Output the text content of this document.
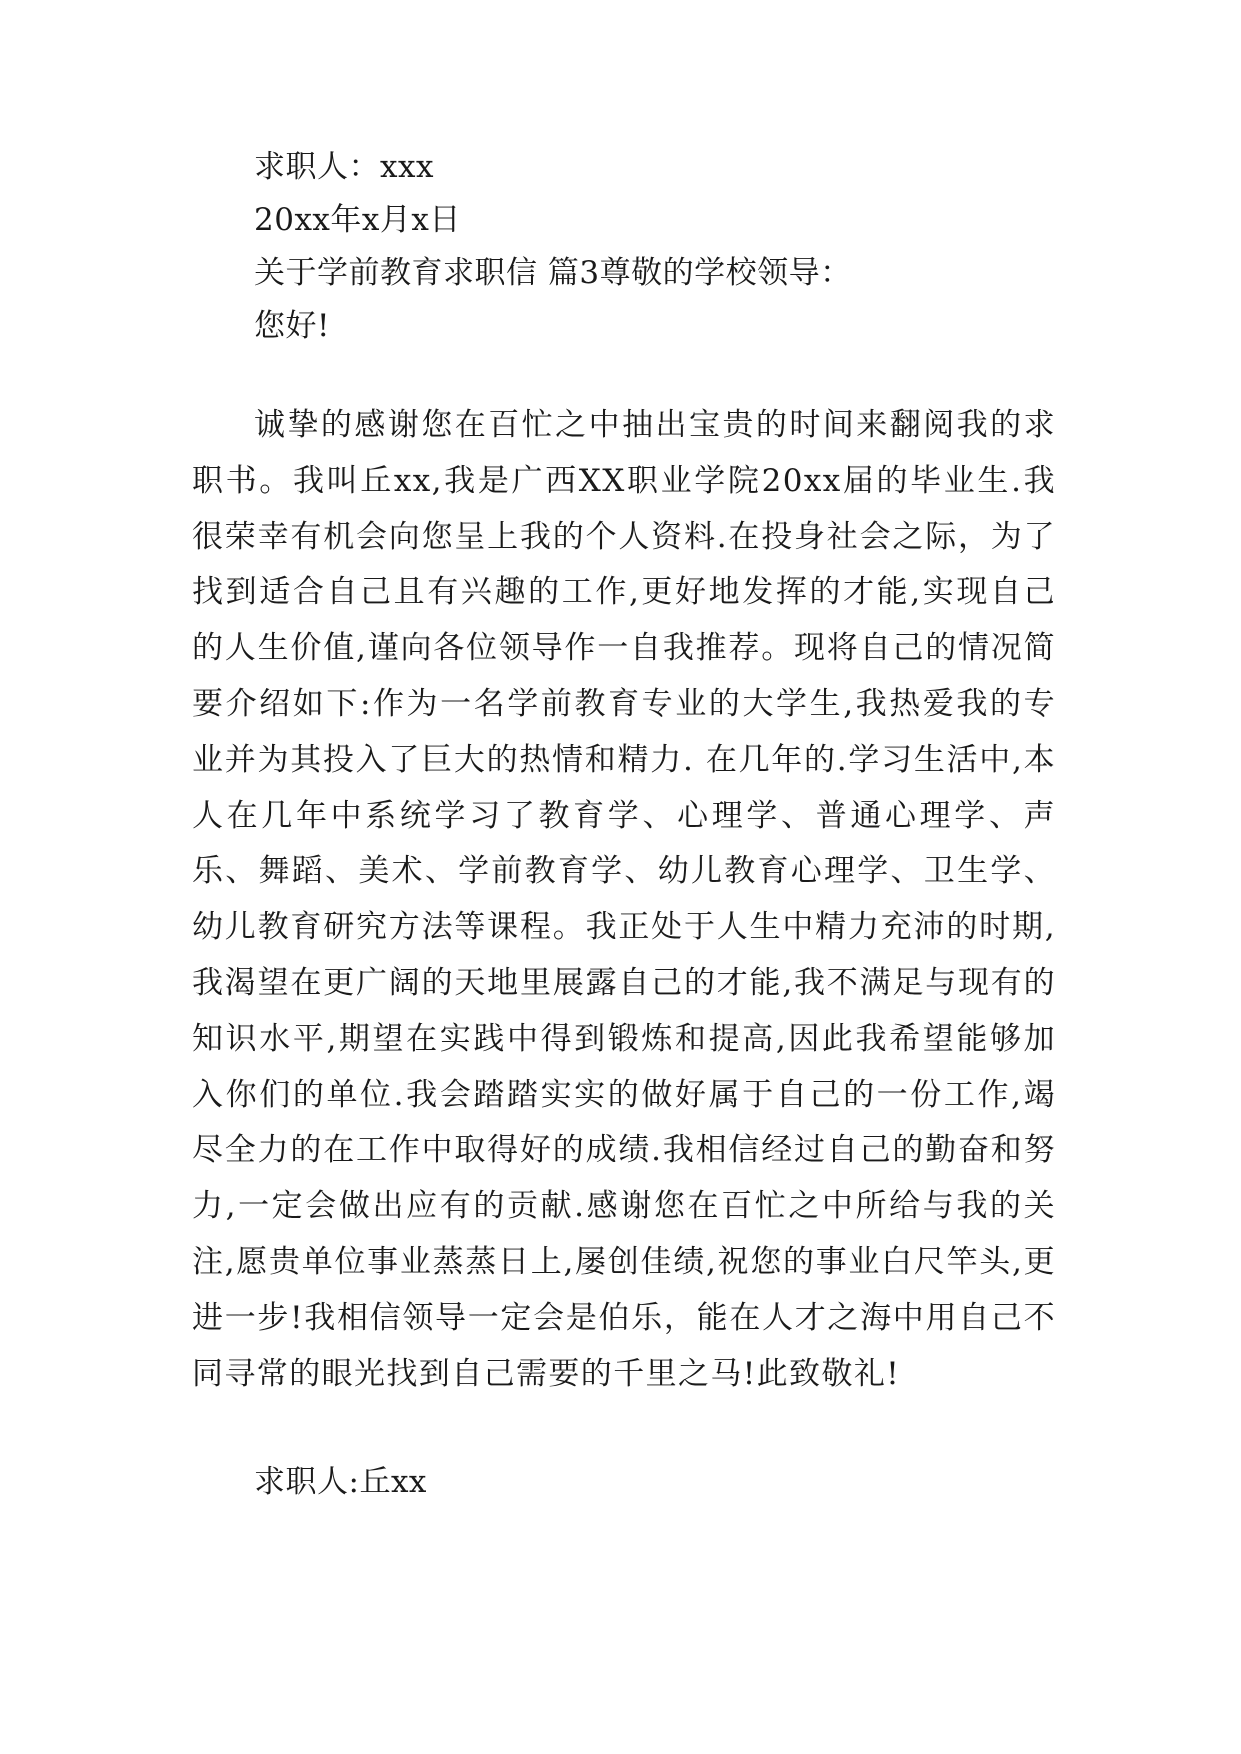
求职人：xxx

20xx年x月x日

关于学前教育求职信 篇3尊敬的学校领导：

您好!

诚挚的感谢您在百忙之中抽出宝贵的时间来翻阅我的求职书。我叫丘xx,我是广西XX职业学院20xx届的毕业生.我很荣幸有机会向您呈上我的个人资料.在投身社会之际，为了找到适合自己且有兴趣的工作,更好地发挥的才能,实现自己的人生价值,谨向各位领导作一自我推荐。现将自己的情况简要介绍如下:作为一名学前教育专业的大学生,我热爱我的专业并为其投入了巨大的热情和精力. 在几年的.学习生活中,本人在几年中系统学习了教育学、心理学、普通心理学、声乐、舞蹈、美术、学前教育学、幼儿教育心理学、卫生学、幼儿教育研究方法等课程。我正处于人生中精力充沛的时期,我渴望在更广阔的天地里展露自己的才能,我不满足与现有的知识水平,期望在实践中得到锻炼和提高,因此我希望能够加入你们的单位.我会踏踏实实的做好属于自己的一份工作,竭尽全力的在工作中取得好的成绩.我相信经过自己的勤奋和努力,一定会做出应有的贡献.感谢您在百忙之中所给与我的关注,愿贵单位事业蒸蒸日上,屡创佳绩,祝您的事业白尺竿头,更进一步!我相信领导一定会是伯乐，能在人才之海中用自己不同寻常的眼光找到自己需要的千里之马!此致敬礼!

求职人:丘xx
